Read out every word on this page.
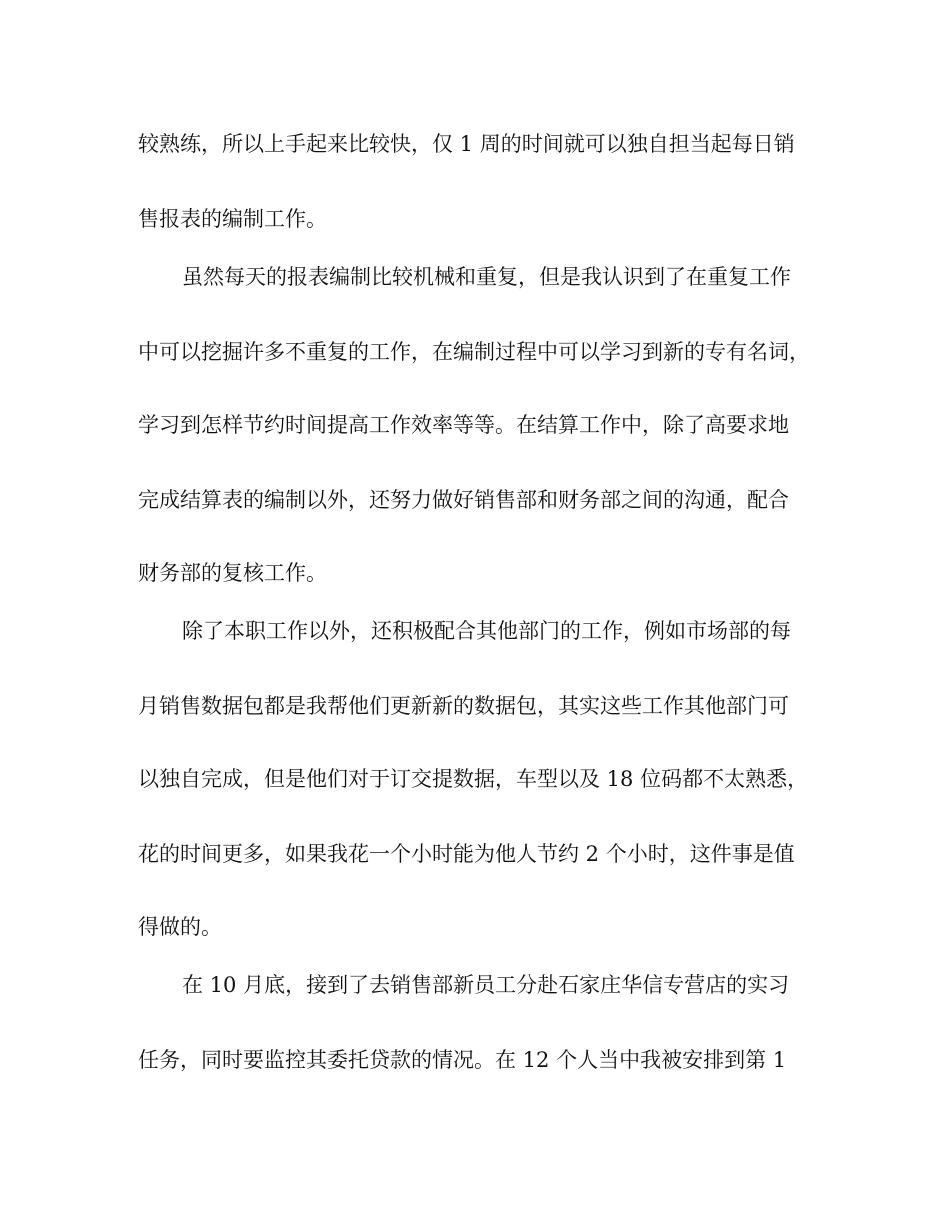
较熟练，所以上手起来比较快，仅 1 周的时间就可以独自担当起每日销
售报表的编制工作。
虽然每天的报表编制比较机械和重复，但是我认识到了在重复工作
中可以挖掘许多不重复的工作，在编制过程中可以学习到新的专有名词，
学习到怎样节约时间提高工作效率等等。在结算工作中，除了高要求地
完成结算表的编制以外，还努力做好销售部和财务部之间的沟通，配合
财务部的复核工作。
除了本职工作以外，还积极配合其他部门的工作，例如市场部的每
月销售数据包都是我帮他们更新新的数据包，其实这些工作其他部门可
以独自完成，但是他们对于订交提数据，车型以及 18 位码都不太熟悉，
花的时间更多，如果我花一个小时能为他人节约 2 个小时，这件事是值
得做的。
在 10 月底，接到了去销售部新员工分赴石家庄华信专营店的实习
任务，同时要监控其委托贷款的情况。在 12 个人当中我被安排到第 1
